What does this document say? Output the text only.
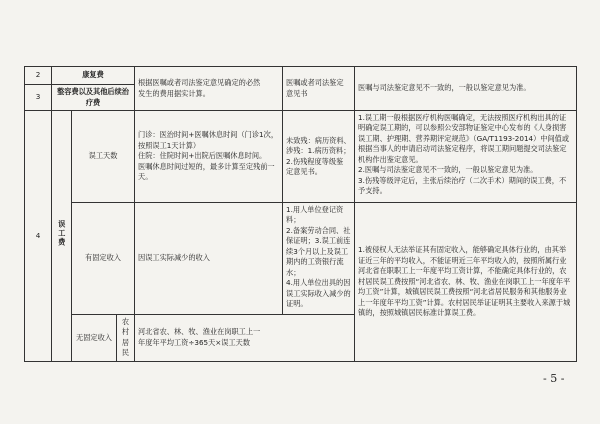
2	康复费			根据医嘱或者司法鉴定意见确定的必然
发生的费用据实计算。	医嘱或者司法鉴定
意见书	医嘱与司法鉴定意见不一致的，一般以鉴定意见为准。
3	整容费以及其他后续治疗费					
4	误工费	误工天数		门诊：医治时间+医嘱休息时间（门诊1次，按照误工1天计算）
住院：住院时间+出院后医嘱休息时间。
医嘱休息时间过短的，最多计算至定残前一天。	未致残：病历资料、
涉残：1.病历资料；
2.伤残程度等级鉴
定意见书。	1.误工期一般根据医疗机构医嘱确定，无法按照医疗机构出具的证明确定误工期的，可以参照公安部物证鉴定中心发布的《人身损害误工期、护理期、营养期评定规范》（GA/T1193-2014）中间值或根据当事人的申请启动司法鉴定程序，将误工期问题提交司法鉴定机构作出鉴定意见。
2.医嘱与司法鉴定意见不一致的，一般以鉴定意见为准。
3.伤残等级评定后，主张后续治疗（二次手术）期间的误工费，不予支持。

		有固定收入		因误工实际减少的收入	1.用人单位登记资料；
2.备案劳动合同、社保证明；3.误工前连续3个月以上及误工期内的工资银行流水；
4.用人单位出具的因误工实际收入减少的证明。	1.被侵权人无法举证其有固定收入，能够确定具体行业的，由其举证近三年的平均收入，不能证明近三年平均收入的，按照所属行业河北省在职职工上一年度平均工资计算，不能确定具体行业的，农村居民误工费按照“河北省农、林、牧、渔业在岗职工上一年度年平均工资”计算，城镇居民误工费按照“河北省居民服务和其他服务业上一年度年平均工资”计算。农村居民举证证明其主要收入来源于城镇的，按照城镇居民标准计算误工费。

		无固定收入	农村居民	河北省农、林、牧、渔业在岗职工上一
年度年平均工资÷365天×误工天数		
- 5 -
